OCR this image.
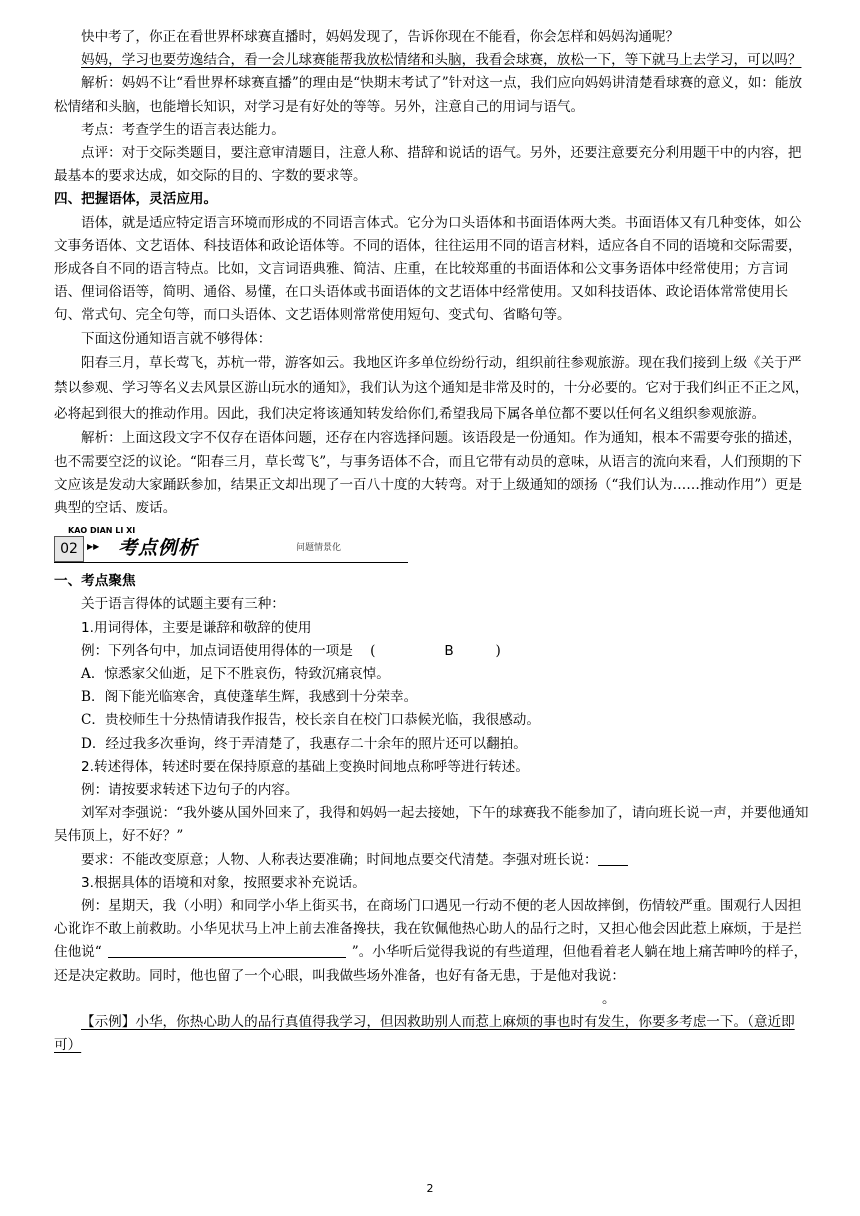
快中考了，你正在看世界杯球赛直播时，妈妈发现了，告诉你现在不能看，你会怎样和妈妈沟通呢？

妈妈，学习也要劳逸结合，看一会儿球赛能帮我放松情绪和头脑，我看会球赛，放松一下，等下就马上去学习，可以吗？

解析：妈妈不让“看世界杯球赛直播”的理由是“快期末考试了”针对这一点，我们应向妈妈讲清楚看球赛的意义，如：能放松情绪和头脑，也能增长知识，对学习是有好处的等等。另外，注意自己的用词与语气。

考点：考查学生的语言表达能力。

点评：对于交际类题目，要注意审清题目，注意人称、措辞和说话的语气。另外，还要注意要充分利用题干中的内容，把最基本的要求达成，如交际的目的、字数的要求等。

四、把握语体，灵活应用。

语体，就是适应特定语言环境而形成的不同语言体式。它分为口头语体和书面语体两大类。书面语体又有几种变体，如公文事务语体、文艺语体、科技语体和政论语体等。不同的语体，往往运用不同的语言材料，适应各自不同的语境和交际需要，形成各自不同的语言特点。比如，文言词语典雅、简洁、庄重，在比较郑重的书面语体和公文事务语体中经常使用；方言词语、俚词俗语等，简明、通俗、易懂，在口头语体或书面语体的文艺语体中经常使用。又如科技语体、政论语体常常使用长句、常式句、完全句等，而口头语体、文艺语体则常常使用短句、变式句、省略句等。

下面这份通知语言就不够得体：

阳春三月，草长莺飞，苏杭一带，游客如云。我地区许多单位纷纷行动，组织前往参观旅游。现在我们接到上级《关于严禁以参观、学习等名义去风景区游山玩水的通知》，我们认为这个通知是非常及时的，十分必要的。它对于我们纠正不正之风，必将起到很大的推动作用。因此，我们决定将该通知转发给你们,希望我局下属各单位都不要以任何名义组织参观旅游。

解析：上面这段文字不仅存在语体问题，还存在内容选择问题。该语段是一份通知。作为通知，根本不需要夸张的描述，也不需要空泛的议论。“阳春三月，草长莺飞”，与事务语体不合，而且它带有动员的意味，从语言的流向来看，人们预期的下文应该是发动大家踊跃参加，结果正文却出现了一百八十度的大转弯。对于上级通知的颂扬（“我们认为……推动作用”）更是典型的空话、废话。

KAO DIAN LI XI
02	▶▶ 考点例析	问题情景化

一、考点聚焦

关于语言得体的试题主要有三种：

1.用词得体，主要是谦辞和敬辞的使用

例：下列各句中，加点词语使用得体的一项是 (	B	)

A．惊悉家父仙逝，足下不胜哀伤，特致沉痛哀悼。

B．阁下能光临寒舍，真使蓬荜生辉，我感到十分荣幸。

C．贵校师生十分热情请我作报告，校长亲自在校门口恭候光临，我很感动。

D．经过我多次垂询，终于弄清楚了，我惠存二十余年的照片还可以翻拍。

2.转述得体，转述时要在保持原意的基础上变换时间地点称呼等进行转述。

例：请按要求转述下边句子的内容。

刘军对李强说：“我外婆从国外回来了，我得和妈妈一起去接她，下午的球赛我不能参加了，请向班长说一声，并要他通知吴伟顶上，好不好？”

要求：不能改变原意；人物、人称表达要准确；时间地点要交代清楚。李强对班长说：

3.根据具体的语境和对象，按照要求补充说话。

例：星期天，我（小明）和同学小华上街买书，在商场门口遇见一行动不便的老人因故摔倒，伤情较严重。围观行人因担心讹诈不敢上前救助。小华见状马上冲上前去准备搀扶，我在钦佩他热心助人的品行之时，又担心他会因此惹上麻烦，于是拦住他说“	”。小华听后觉得我说的有些道理，但他看着老人躺在地上痛苦呻吟的样子，还是决定救助。同时，他也留了一个心眼，叫我做些场外准备，也好有备无患，于是他对我说：。

【示例】小华，你热心助人的品行真值得我学习，但因救助别人而惹上麻烦的事也时有发生，你要多考虑一下。（意近即可）

2
